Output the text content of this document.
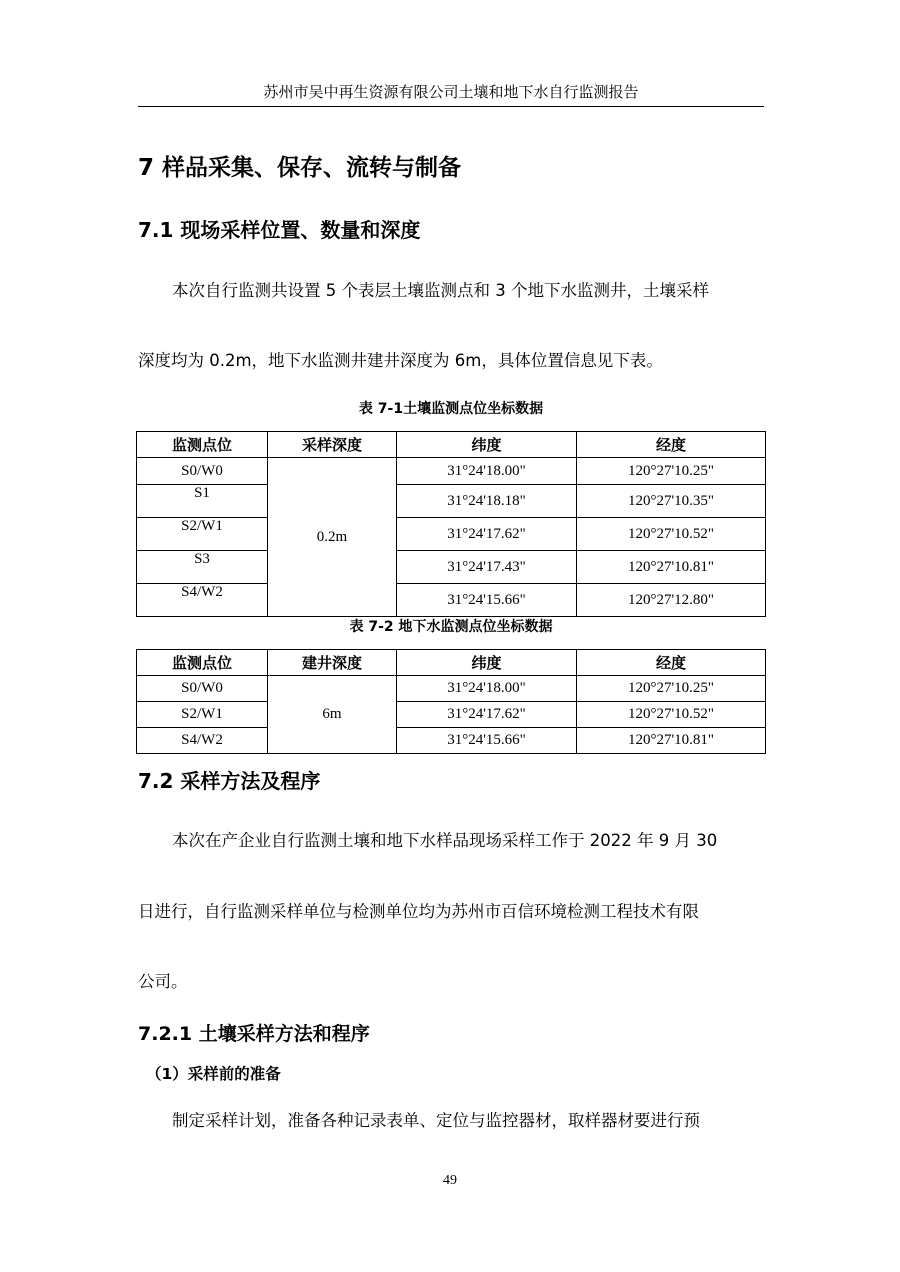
苏州市吴中再生资源有限公司土壤和地下水自行监测报告
7 样品采集、保存、流转与制备
7.1 现场采样位置、数量和深度
本次自行监测共设置 5 个表层土壤监测点和 3 个地下水监测井，土壤采样
深度均为 0.2m，地下水监测井建井深度为 6m，具体位置信息见下表。
表 7-1土壤监测点位坐标数据
监测点位	采样深度	纬度	经度
S0/W0	0.2m	31°24'18.00"	120°27'10.25"
S1		31°24'18.18"	120°27'10.35"
S2/W1		31°24'17.62"	120°27'10.52"
S3		31°24'17.43"	120°27'10.81"
S4/W2		31°24'15.66"	120°27'12.80"
表 7-2 地下水监测点位坐标数据
监测点位	建井深度	纬度	经度
S0/W0	6m	31°24'18.00"	120°27'10.25"
S2/W1		31°24'17.62"	120°27'10.52"
S4/W2		31°24'15.66"	120°27'10.81"
7.2 采样方法及程序
本次在产企业自行监测土壤和地下水样品现场采样工作于 2022 年 9 月 30
日进行，自行监测采样单位与检测单位均为苏州市百信环境检测工程技术有限
公司。
7.2.1 土壤采样方法和程序
（1）采样前的准备
制定采样计划，准备各种记录表单、定位与监控器材，取样器材要进行预
49
